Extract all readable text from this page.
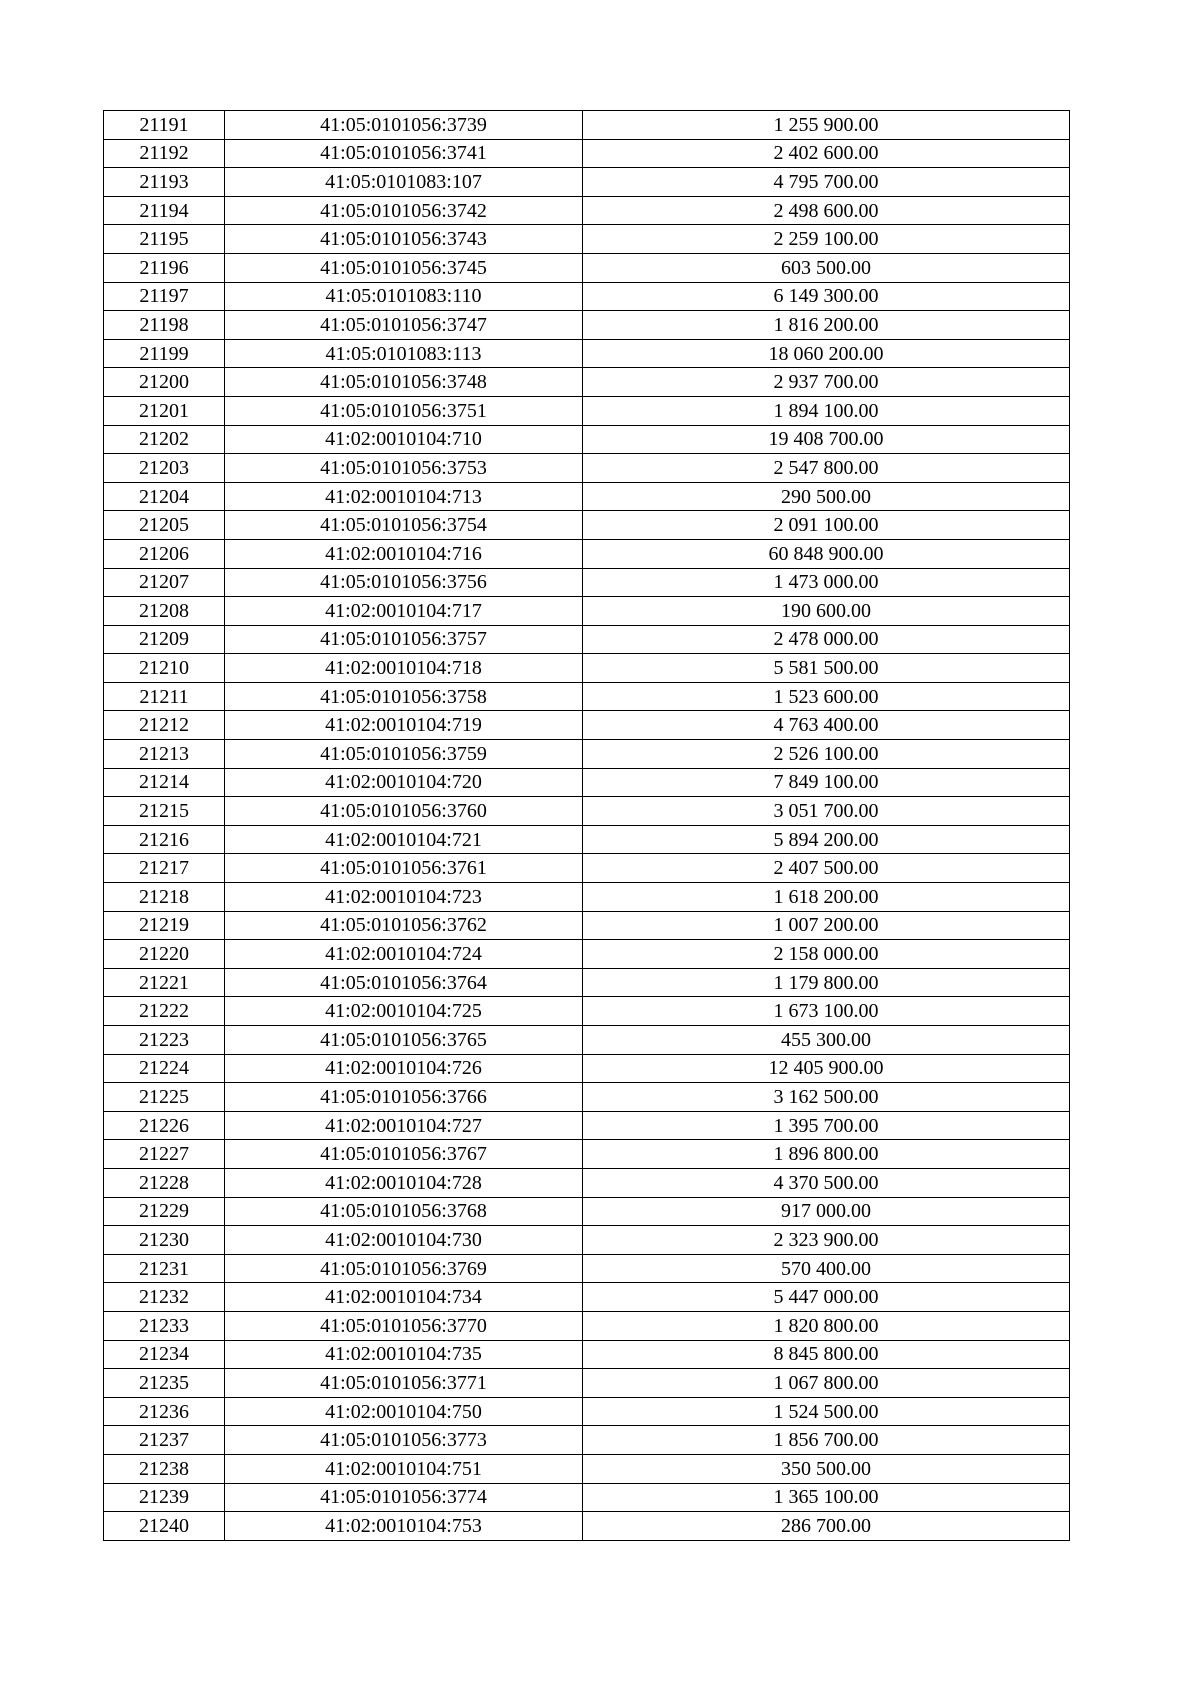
21191	41:05:0101056:3739	1 255 900.00
21192	41:05:0101056:3741	2 402 600.00
21193	41:05:0101083:107	4 795 700.00
21194	41:05:0101056:3742	2 498 600.00
21195	41:05:0101056:3743	2 259 100.00
21196	41:05:0101056:3745	603 500.00
21197	41:05:0101083:110	6 149 300.00
21198	41:05:0101056:3747	1 816 200.00
21199	41:05:0101083:113	18 060 200.00
21200	41:05:0101056:3748	2 937 700.00
21201	41:05:0101056:3751	1 894 100.00
21202	41:02:0010104:710	19 408 700.00
21203	41:05:0101056:3753	2 547 800.00
21204	41:02:0010104:713	290 500.00
21205	41:05:0101056:3754	2 091 100.00
21206	41:02:0010104:716	60 848 900.00
21207	41:05:0101056:3756	1 473 000.00
21208	41:02:0010104:717	190 600.00
21209	41:05:0101056:3757	2 478 000.00
21210	41:02:0010104:718	5 581 500.00
21211	41:05:0101056:3758	1 523 600.00
21212	41:02:0010104:719	4 763 400.00
21213	41:05:0101056:3759	2 526 100.00
21214	41:02:0010104:720	7 849 100.00
21215	41:05:0101056:3760	3 051 700.00
21216	41:02:0010104:721	5 894 200.00
21217	41:05:0101056:3761	2 407 500.00
21218	41:02:0010104:723	1 618 200.00
21219	41:05:0101056:3762	1 007 200.00
21220	41:02:0010104:724	2 158 000.00
21221	41:05:0101056:3764	1 179 800.00
21222	41:02:0010104:725	1 673 100.00
21223	41:05:0101056:3765	455 300.00
21224	41:02:0010104:726	12 405 900.00
21225	41:05:0101056:3766	3 162 500.00
21226	41:02:0010104:727	1 395 700.00
21227	41:05:0101056:3767	1 896 800.00
21228	41:02:0010104:728	4 370 500.00
21229	41:05:0101056:3768	917 000.00
21230	41:02:0010104:730	2 323 900.00
21231	41:05:0101056:3769	570 400.00
21232	41:02:0010104:734	5 447 000.00
21233	41:05:0101056:3770	1 820 800.00
21234	41:02:0010104:735	8 845 800.00
21235	41:05:0101056:3771	1 067 800.00
21236	41:02:0010104:750	1 524 500.00
21237	41:05:0101056:3773	1 856 700.00
21238	41:02:0010104:751	350 500.00
21239	41:05:0101056:3774	1 365 100.00
21240	41:02:0010104:753	286 700.00
